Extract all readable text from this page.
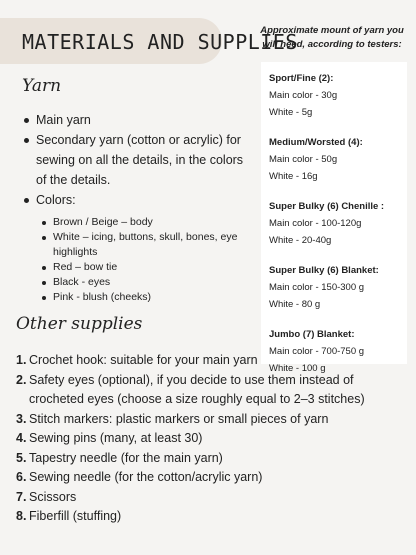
MATERIALS AND SUPPLIES
Yarn
Main yarn
Secondary yarn (cotton or acrylic) for sewing on all the details, in the colors of the details.
Colors:
Brown / Beige – body
White – icing, buttons, skull, bones, eye highlights
Red – bow tie
Black - eyes
Pink - blush (cheeks)
Other supplies
1. Crochet hook: suitable for your main yarn
2. Safety eyes (optional), if you decide to use them instead of crocheted eyes (choose a size roughly equal to 2–3 stitches)
3. Stitch markers: plastic markers or small pieces of yarn
4. Sewing pins (many, at least 30)
5. Tapestry needle (for the main yarn)
6. Sewing needle (for the cotton/acrylic yarn)
7. Scissors
8. Fiberfill (stuffing)
Approximate mount of yarn you will need, according to testers:
Sport/Fine (2):
Main color - 30g
White - 5g
Medium/Worsted (4):
Main color - 50g
White - 16g
Super Bulky (6) Chenille :
Main color - 100-120g
White - 20-40g
Super Bulky (6) Blanket:
Main color - 150-300 g
White - 80 g
Jumbo (7) Blanket:
Main color - 700-750 g
White - 100 g
